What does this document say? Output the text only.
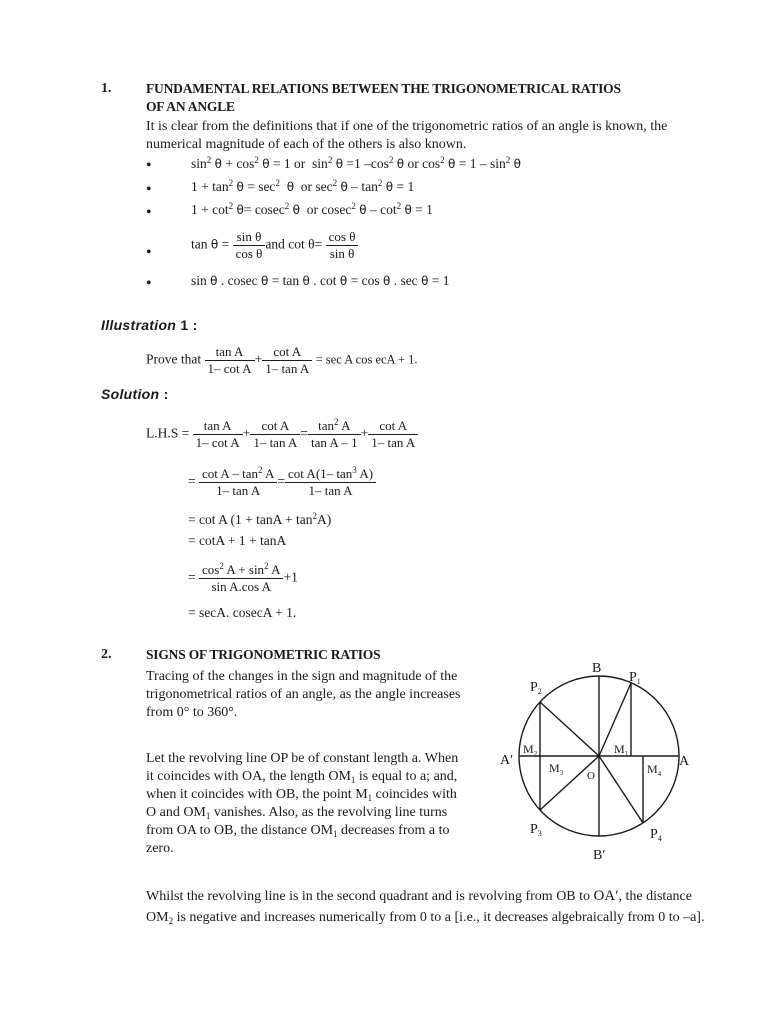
1.	FUNDAMENTAL RELATIONS BETWEEN THE TRIGONOMETRICAL RATIOS
OF AN ANGLE
It is clear from the definitions that if one of the trigonometric ratios of an angle is known, the
numerical magnitude of each of the others is also known.
•	$\sin^2 \theta + \cos^2 \theta = 1$ or $\sin^2 \theta =1$ $-\cos^2$ θ or $\cos^2 \theta = 1 - \sin^2 \theta$
•	$1 + \tan^2 \theta = \sec^2 \theta$ or $\sec^2 \theta - \tan^2 \theta = 1$
•	$1 + \cot^2 \theta= cosec^2$ θ or cosec$^2$ $\theta - \cot^2 \theta = 1$
•	$\tan \theta = \frac{\text{sin θ}}{\text{cos θ}}$ and $\cot \theta= \frac{\text{cos θ}}{\text{sin θ}}$
•	sin θ . cosec θ = tan θ . cot θ = cos θ . sec θ = 1
Illustration 1 :
Prove that $\frac{\text{tan A}}{\text{1– cot A}} + \frac{\text{cot A}}{\text{1– tan A}} = \sec A$ cos ecA + 1.
Solution :
$L.H.S = \frac{\text{tan A}}{\text{1– cot A}} + \frac{\text{cot A}}{\text{1– tan A}} = \frac{\tan^2 A}{\text{tan A – 1}} + \frac{\text{cot A}}{\text{1– tan A}}$
= $\frac{\cot A - \tan^2 A}{\text{1– tan A}} = \frac{\cot A(1- \tan^3 A)}{\text{1– tan A}}$
= cot A $(1 + \tan A + \tan^2A)$
= cotA + 1 + tanA
= $\frac{\cos^2 A + \sin^2 A}{\text{sin A.cos A}} +1$
= secA. cosecA + 1.
2.	SIGNS OF TRIGONOMETRIC RATIOS
Tracing of the changes in the sign and magnitude of the trigonometrical ratios of an angle, as the angle increases from 0° to 360°.
Let the revolving line OP be of constant length a. When it coincides with OA, the length $OM_1$ is equal to a; and, when it coincides with OB, the point $M_1$ coincides with O and $OM_1$ vanishes. Also, as the revolving line turns from OA to OB, the distance $OM_1$ decreases from a to zero.
Whilst the revolving line is in the second quadrant and is revolving from OB to OA′, the distance
$OM_2$ is negative and increases numerically from 0 to a [i.e., it decreases algebraically from 0 to –a].
B
$P_1$
$P_2$
A′	A
$M_2$
$M_3$
$M_1$
$M_4$
O
$P_3$	$P_4$
B′
